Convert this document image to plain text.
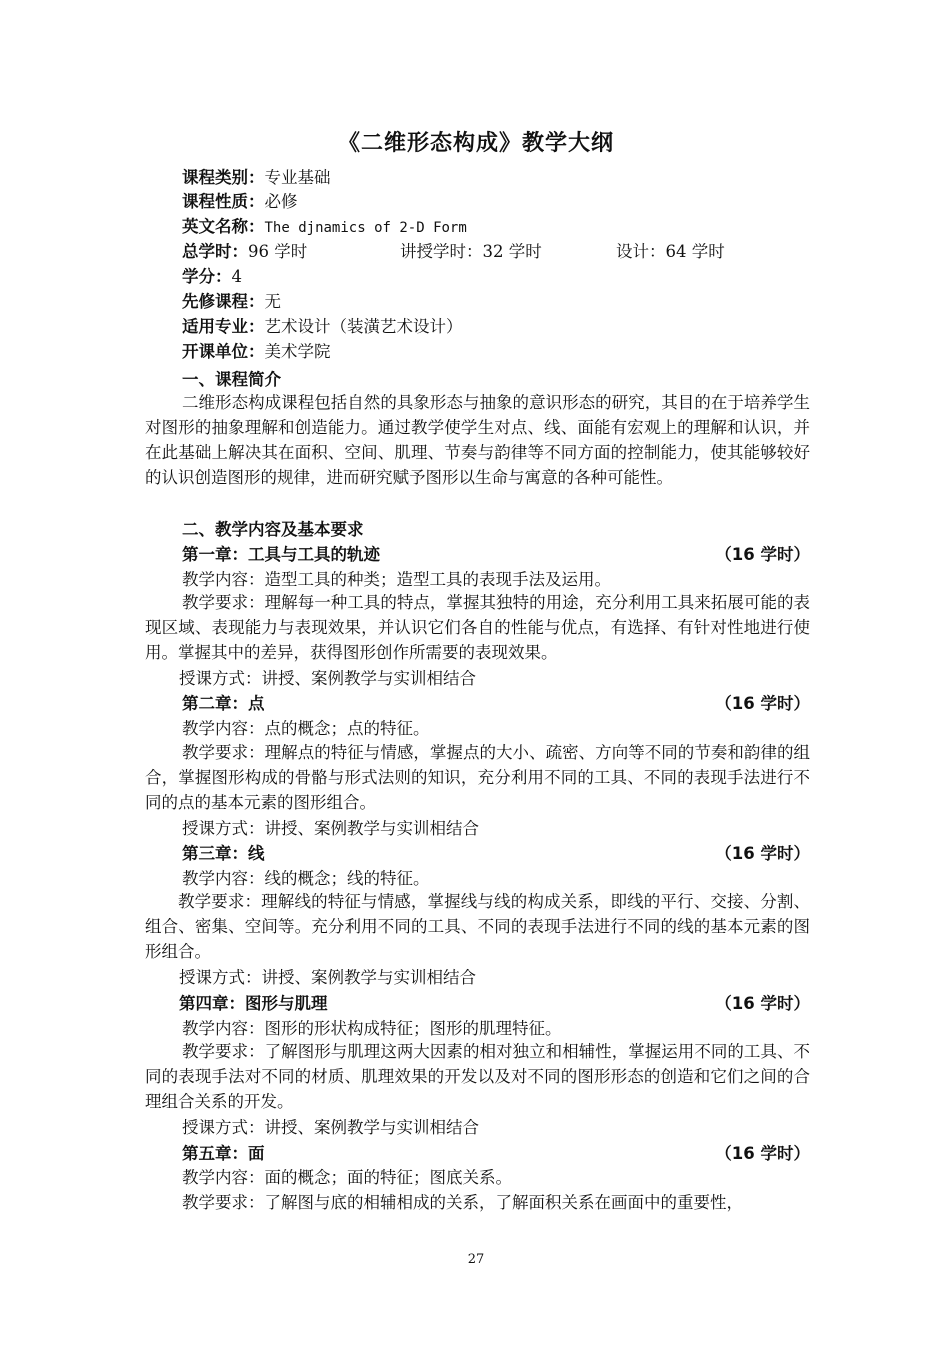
《二维形态构成》教学大纲
课程类别：专业基础
课程性质：必修
英文名称：The djnamics of 2-D Form
总学时：96 学时	讲授学时：32 学时	设计：64 学时
学分：4
先修课程：无
适用专业：艺术设计（装潢艺术设计）
开课单位：美术学院
一、课程简介
二维形态构成课程包括自然的具象形态与抽象的意识形态的研究，其目的在于培养学生对图形的抽象理解和创造能力。通过教学使学生对点、线、面能有宏观上的理解和认识，并在此基础上解决其在面积、空间、肌理、节奏与韵律等不同方面的控制能力，使其能够较好的认识创造图形的规律，进而研究赋予图形以生命与寓意的各种可能性。
二、教学内容及基本要求
第一章：工具与工具的轨迹	（16 学时）
教学内容：造型工具的种类；造型工具的表现手法及运用。
教学要求：理解每一种工具的特点，掌握其独特的用途，充分利用工具来拓展可能的表现区域、表现能力与表现效果，并认识它们各自的性能与优点，有选择、有针对性地进行使用。掌握其中的差异，获得图形创作所需要的表现效果。
授课方式：讲授、案例教学与实训相结合
第二章：点	（16 学时）
教学内容：点的概念；点的特征。
教学要求：理解点的特征与情感，掌握点的大小、疏密、方向等不同的节奏和韵律的组合，掌握图形构成的骨骼与形式法则的知识，充分利用不同的工具、不同的表现手法进行不同的点的基本元素的图形组合。
授课方式：讲授、案例教学与实训相结合
第三章：线	（16 学时）
教学内容：线的概念；线的特征。
教学要求：理解线的特征与情感，掌握线与线的构成关系，即线的平行、交接、分割、组合、密集、空间等。充分利用不同的工具、不同的表现手法进行不同的线的基本元素的图形组合。
授课方式：讲授、案例教学与实训相结合
第四章：图形与肌理	（16 学时）
教学内容：图形的形状构成特征；图形的肌理特征。
教学要求：了解图形与肌理这两大因素的相对独立和相辅性，掌握运用不同的工具、不同的表现手法对不同的材质、肌理效果的开发以及对不同的图形形态的创造和它们之间的合理组合关系的开发。
授课方式：讲授、案例教学与实训相结合
第五章：面	（16 学时）
教学内容：面的概念；面的特征；图底关系。
教学要求：了解图与底的相辅相成的关系，了解面积关系在画面中的重要性，
27
